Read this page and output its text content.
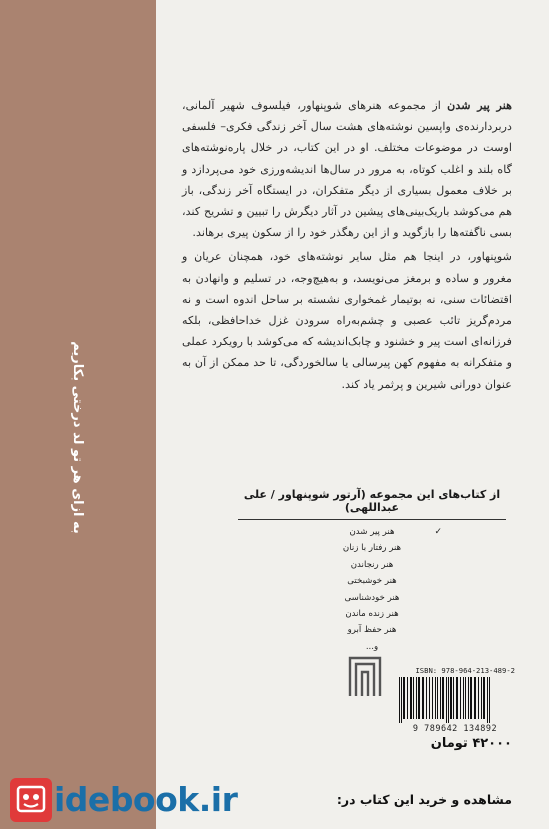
به ازای هر تو لد درختی بکاریم

هنر پیر شدن از مجموعه هنرهای شوپنهاور، فیلسوف شهیر آلمانی، دربردارنده‌ی واپسین نوشته‌های هشت سال آخر زندگی فکری– فلسفی اوست در موضوعات مختلف. او در این کتاب، در خلال پاره‌نوشته‌های گاه بلند و اغلب کوتاه، به مرور در سال‌ها اندیشه‌ورزی خود می‌پردازد و بر خلاف معمول بسیاری از دیگر متفکران، در ایستگاه آخر زندگی، باز هم می‌کوشد باریک‌بینی‌های پیشین در آثار دیگرش را تبیین و تشریح کند، بسی ناگفته‌ها را بازگوید و از این رهگذر خود را از سکون پیری برهاند.

شوپنهاور، در اینجا هم مثل سایر نوشته‌های خود، همچنان عریان و مغرور و ساده و برمغز می‌نویسد، و به‌هیچ‌وجه، در تسلیم و وانهادن به اقتضائات سنی، نه بوتیمار غمخواری نشسته بر ساحل اندوه است و نه مردم‌گریز تائب عصبی و چشم‌به‌راه سرودن غزل خداحافظی، بلکه فرزانه‌ای است پیر و خشنود و چابک‌اندیشه که می‌کوشد با رویکرد عملی و متفکرانه به مفهوم کهن پیرسالی یا سالخوردگی، تا حد ممکن از آن به عنوان دورانی شیرین و پرثمر یاد کند.

از کتاب‌های این مجموعه (آرتور شوپنهاور / علی عبداللهی)
✓
هنر پیر شدن
هنر رفتار با زنان
هنر رنجاندن
هنر خوشبختی
هنر خودشناسی
هنر زنده ماندن
هنر حفظ آبرو
و...
ISBN: 978-964-213-489-2
9 789642 134892
۴۲۰۰۰ تومان
idebook.ir	مشاهده و خرید این کتاب در:
